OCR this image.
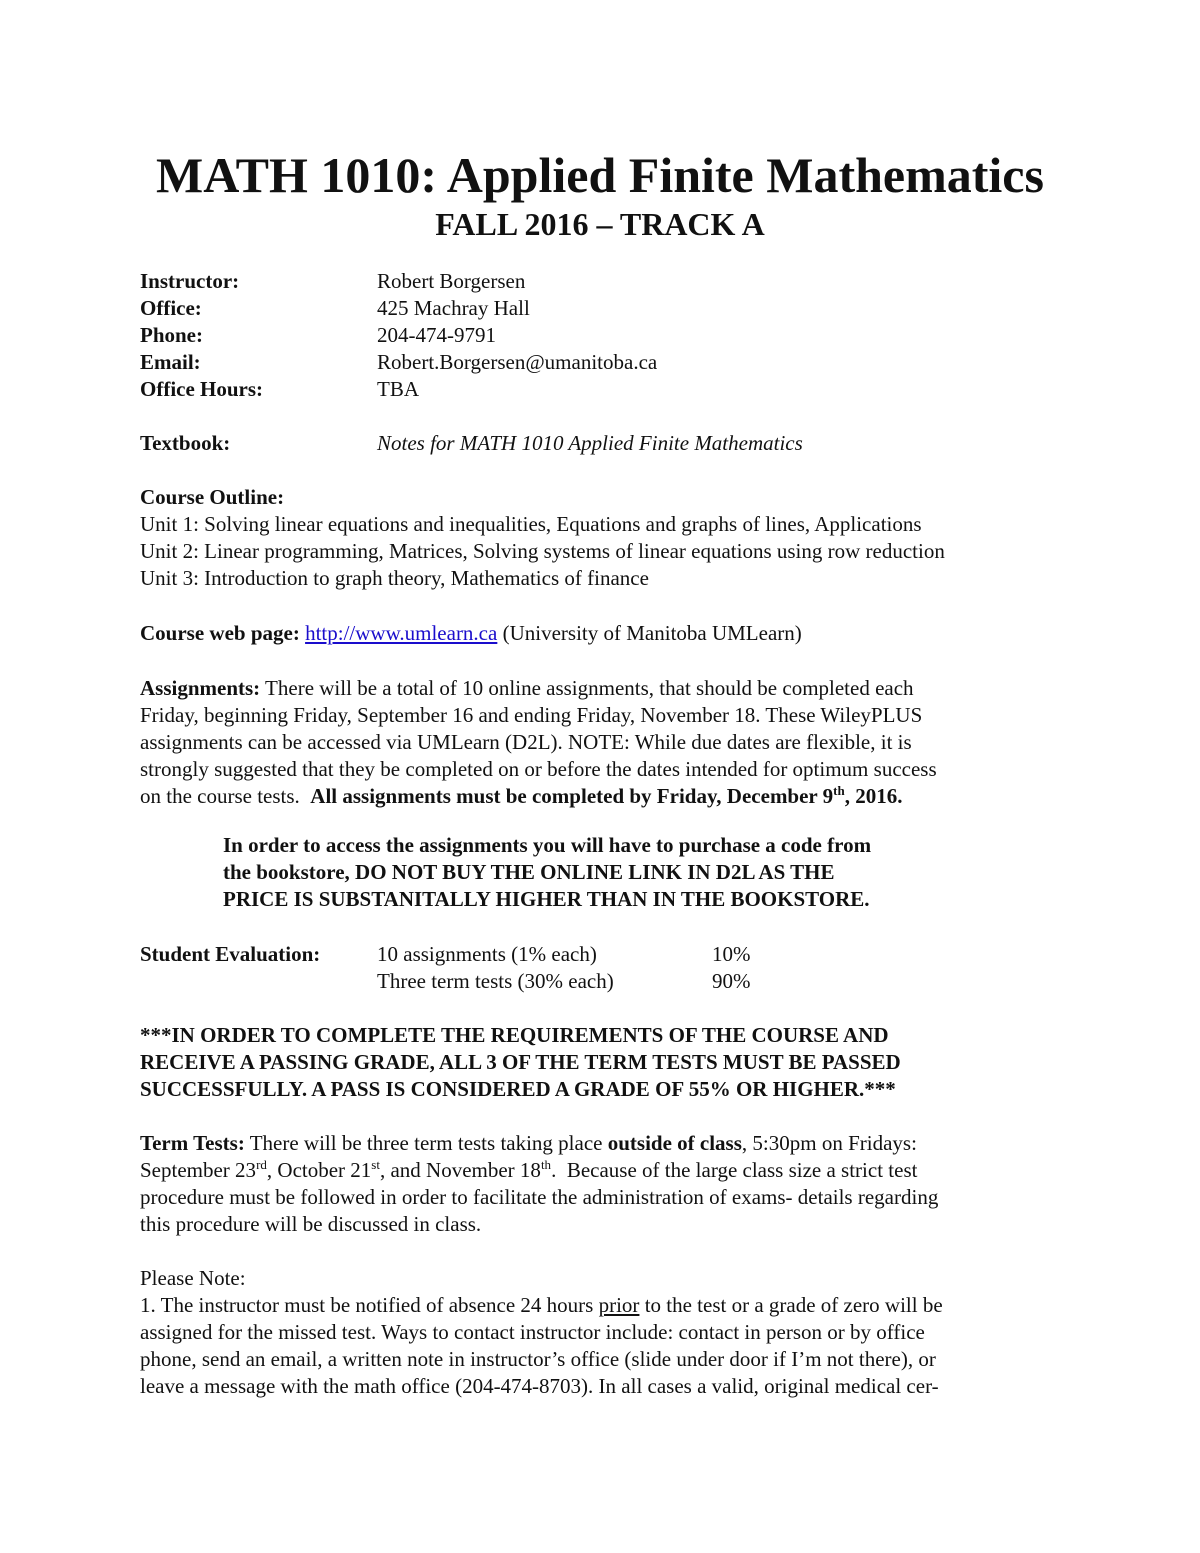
MATH 1010: Applied Finite Mathematics
FALL 2016 – TRACK A
Instructor:	Robert Borgersen
Office:	425 Machray Hall
Phone:	204-474-9791
Email:	Robert.Borgersen@umanitoba.ca
Office Hours:	TBA
Textbook:	Notes for MATH 1010 Applied Finite Mathematics
Course Outline:
Unit 1: Solving linear equations and inequalities, Equations and graphs of lines, Applications
Unit 2: Linear programming, Matrices, Solving systems of linear equations using row reduction
Unit 3: Introduction to graph theory, Mathematics of finance
Course web page: http://www.umlearn.ca (University of Manitoba UMLearn)
Assignments: There will be a total of 10 online assignments, that should be completed each
Friday, beginning Friday, September 16 and ending Friday, November 18. These WileyPLUS
assignments can be accessed via UMLearn (D2L). NOTE: While due dates are flexible, it is
strongly suggested that they be completed on or before the dates intended for optimum success
on the course tests.  All assignments must be completed by Friday, December 9th, 2016.
In order to access the assignments you will have to purchase a code from
the bookstore, DO NOT BUY THE ONLINE LINK IN D2L AS THE
PRICE IS SUBSTANITALLY HIGHER THAN IN THE BOOKSTORE.
Student Evaluation:	10 assignments (1% each)	10%
Three term tests (30% each)	90%
***IN ORDER TO COMPLETE THE REQUIREMENTS OF THE COURSE AND
RECEIVE A PASSING GRADE, ALL 3 OF THE TERM TESTS MUST BE PASSED
SUCCESSFULLY. A PASS IS CONSIDERED A GRADE OF 55% OR HIGHER.***
Term Tests: There will be three term tests taking place outside of class, 5:30pm on Fridays:
September 23rd, October 21st, and November 18th.  Because of the large class size a strict test
procedure must be followed in order to facilitate the administration of exams- details regarding
this procedure will be discussed in class.
Please Note:
1. The instructor must be notified of absence 24 hours prior to the test or a grade of zero will be
assigned for the missed test. Ways to contact instructor include: contact in person or by office
phone, send an email, a written note in instructor’s office (slide under door if I’m not there), or
leave a message with the math office (204-474-8703). In all cases a valid, original medical cer-
